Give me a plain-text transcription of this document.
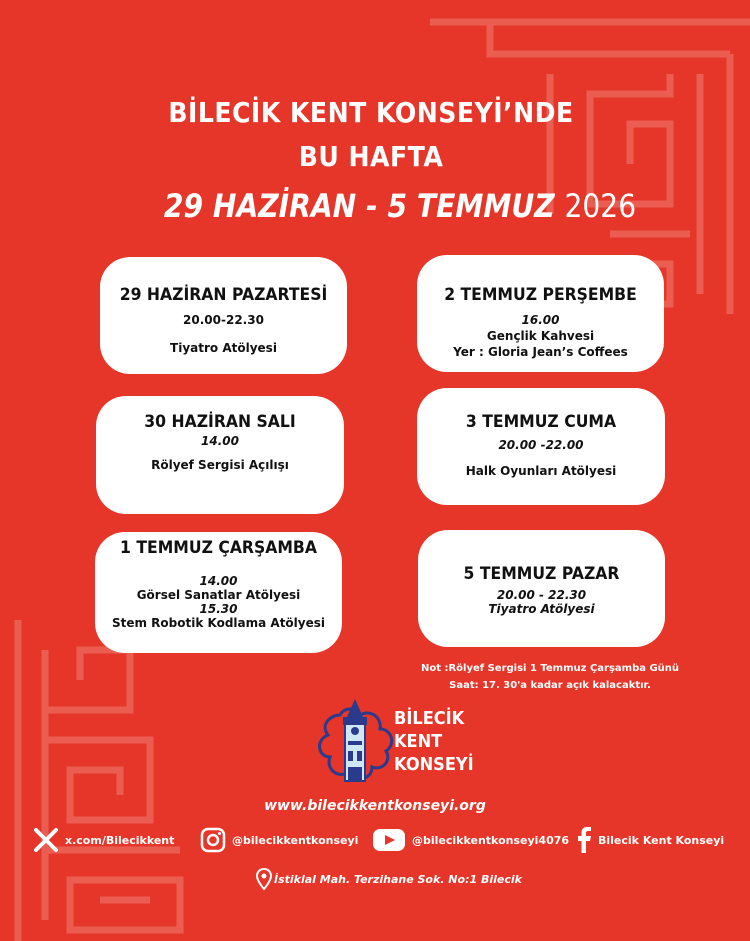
BİLECİK KENT KONSEYİ’NDE
BU HAFTA
29 HAZİRAN - 5 TEMMUZ 2026
29 HAZİRAN PAZARTESİ
20.00-22.30
Tiyatro Atölyesi
2 TEMMUZ PERŞEMBE
16.00
Gençlik Kahvesi
Yer : Gloria Jean’s Coffees
30 HAZİRAN SALI
14.00
Rölyef Sergisi Açılışı
3 TEMMUZ CUMA
20.00 -22.00
Halk Oyunları Atölyesi
1 TEMMUZ ÇARŞAMBA
14.00
Görsel Sanatlar Atölyesi
15.30
Stem Robotik Kodlama Atölyesi
5 TEMMUZ PAZAR
20.00 - 22.30
Tiyatro Atölyesi
Not :Rölyef Sergisi 1 Temmuz Çarşamba Günü
Saat: 17. 30'a kadar açık kalacaktır.
BİLECİK
KENT
KONSEYİ
www.bilecikkentkonseyi.org
x.com/Bilecikkent	@bilecikkentkonseyi	@bilecikkentkonseyi4076	Bilecik Kent Konseyi
İstiklal Mah. Terzihane Sok. No:1 Bilecik
